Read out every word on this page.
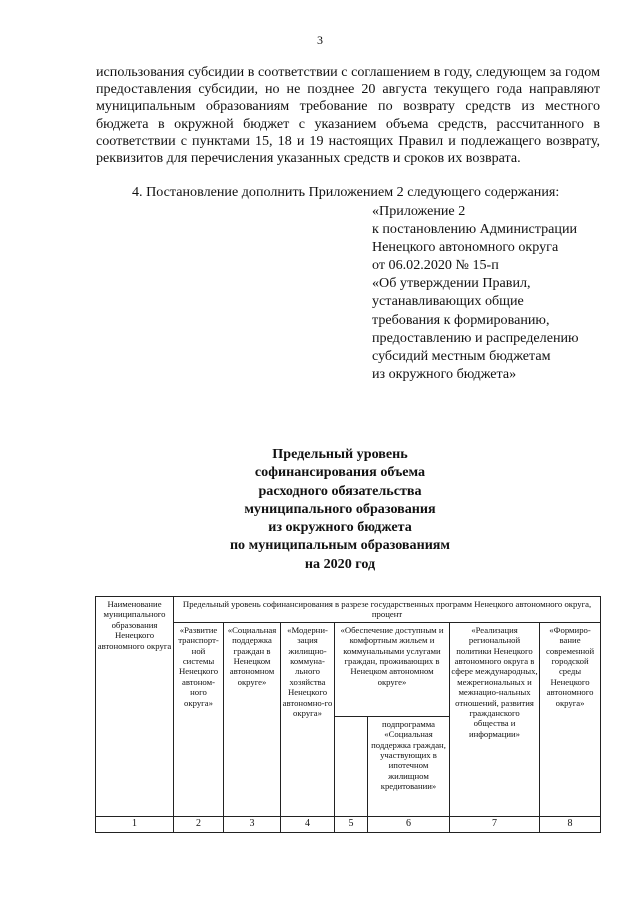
3

использования субсидии в соответствии с соглашением в году, следующем за годом предоставления субсидии, но не позднее 20 августа текущего года направляют муниципальным образованиям требование по возврату средств из местного бюджета в окружной бюджет с указанием объема средств, рассчитанного в соответствии с пунктами 15, 18 и 19 настоящих Правил и подлежащего возврату, реквизитов для перечисления указанных средств и сроков их возврата.

4. Постановление дополнить Приложением 2 следующего содержания:

«Приложение 2
к постановлению Администрации
Ненецкого автономного округа
от 06.02.2020 № 15-п
«Об утверждении Правил,
устанавливающих общие
требования к формированию,
предоставлению и распределению
субсидий местным бюджетам
из окружного бюджета»
Предельный уровень
софинансирования объема
расходного обязательства
муниципального образования
из окружного бюджета
по муниципальным образованиям
на 2020 год
Наименование муниципального образования Ненецкого автономного округа	Предельный уровень софинансирования в разрезе государственных программ Ненецкого автономного округа, процент						

	«Развитие транспорт-ной системы Ненецкого автоном-ного округа»	«Социальная поддержка граждан в Ненецком автономном округе»	«Модерни-зация жилищно-коммуна-льного хозяйства Ненецкого автономно-го округа»	«Обеспечение доступным и комфортным жильем и коммунальными услугами граждан, проживающих в Ненецком автономном округе»		«Реализация региональной политики Ненецкого автономного округа в сфере международных, межрегиональных и межнацио-нальных отношений, развития гражданского общества и информации»	«Формиро-вание современной городской среды Ненецкого автономного округа»

					подпрограмма «Социальная поддержка граждан, участвующих в ипотечном жилищном кредитовании»		

1	2	3	4	5	6	7	8
